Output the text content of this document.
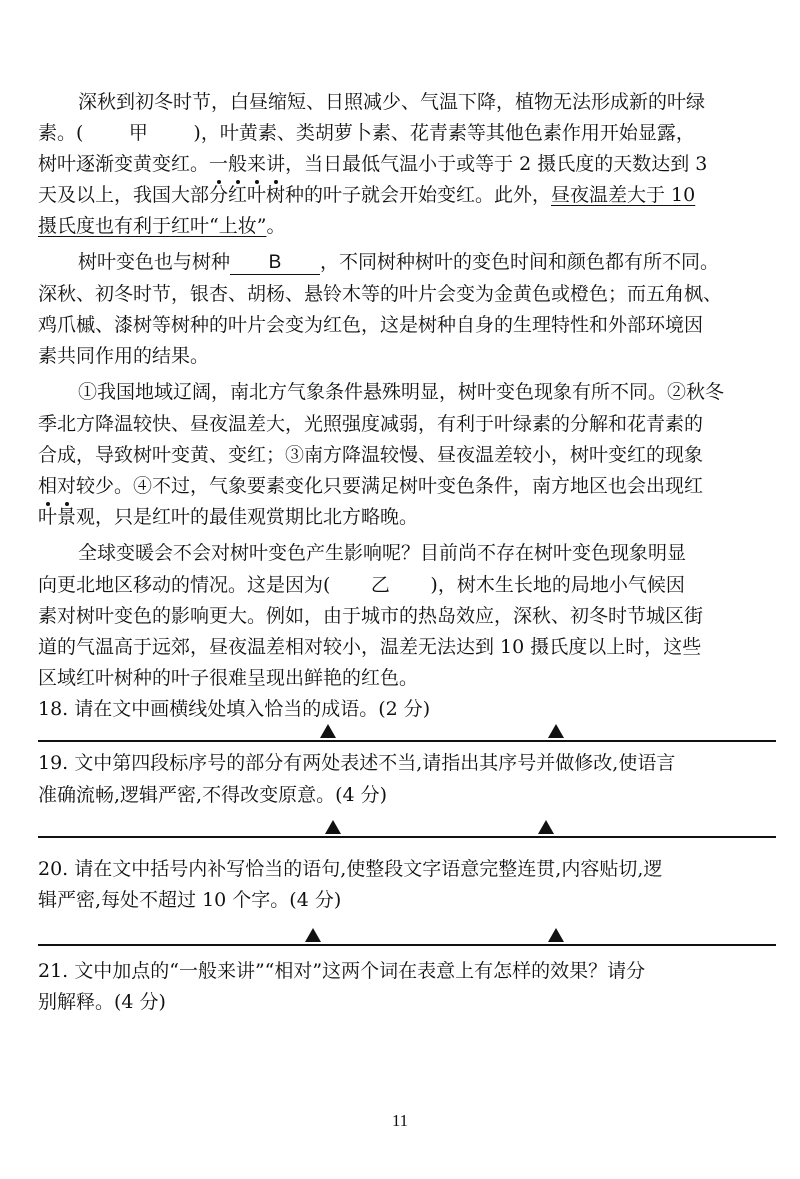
深秋到初冬时节，白昼缩短、日照减少、气温下降，植物无法形成新的叶绿
素。( 甲 )，叶黄素、类胡萝卜素、花青素等其他色素作用开始显露，
树叶逐渐变黄变红。一般来讲，当日最低气温小于或等于 2 摄氏度的天数达到 3
天及以上，我国大部分红叶树种的叶子就会开始变红。此外，昼夜温差大于 10
摄氏度也有利于红叶“上妆”。
树叶变色也与树种 B ，不同树种树叶的变色时间和颜色都有所不同。
深秋、初冬时节，银杏、胡杨、悬铃木等的叶片会变为金黄色或橙色；而五角枫、
鸡爪槭、漆树等树种的叶片会变为红色，这是树种自身的生理特性和外部环境因
素共同作用的结果。
①我国地域辽阔，南北方气象条件悬殊明显，树叶变色现象有所不同。②秋冬
季北方降温较快、昼夜温差大，光照强度减弱，有利于叶绿素的分解和花青素的
合成，导致树叶变黄、变红；③南方降温较慢、昼夜温差较小，树叶变红的现象
相对较少。④不过，气象要素变化只要满足树叶变色条件，南方地区也会出现红
叶景观，只是红叶的最佳观赏期比北方略晚。
全球变暖会不会对树叶变色产生影响呢？目前尚不存在树叶变色现象明显
向更北地区移动的情况。这是因为( 乙 )，树木生长地的局地小气候因
素对树叶变色的影响更大。例如，由于城市的热岛效应，深秋、初冬时节城区街
道的气温高于远郊，昼夜温差相对较小，温差无法达到 10 摄氏度以上时，这些
区域红叶树种的叶子很难呈现出鲜艳的红色。
18. 请在文中画横线处填入恰当的成语。(2 分)
19. 文中第四段标序号的部分有两处表述不当,请指出其序号并做修改,使语言
准确流畅,逻辑严密,不得改变原意。(4 分)
20. 请在文中括号内补写恰当的语句,使整段文字语意完整连贯,内容贴切,逻
辑严密,每处不超过 10 个字。(4 分)
21. 文中加点的“一般来讲”“相对”这两个词在表意上有怎样的效果？请分
别解释。(4 分)
11
